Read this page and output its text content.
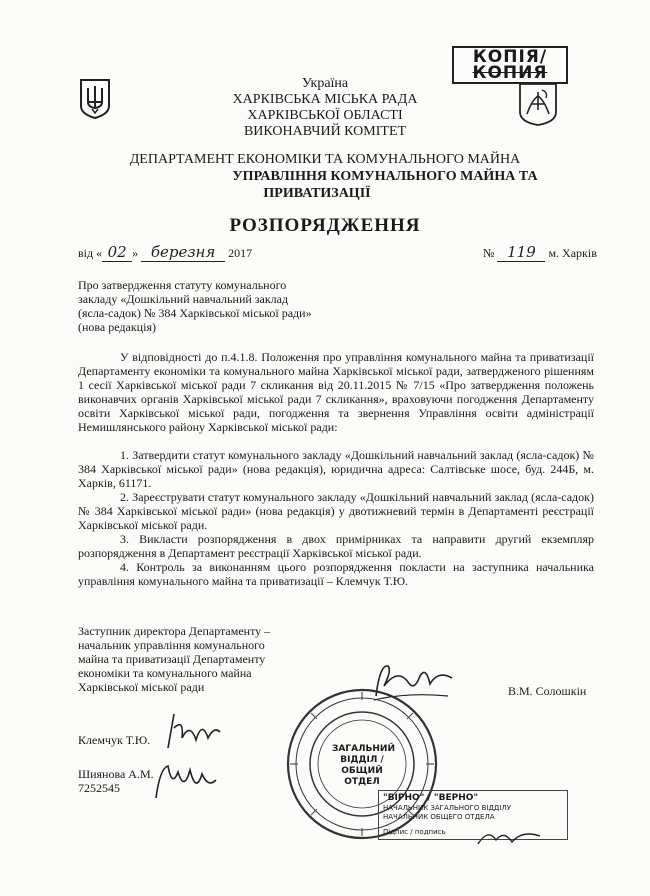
КОПІЯ/
КОПИЯ
Україна
ХАРКІВСЬКА МІСЬКА РАДА
ХАРКІВСЬКОЇ ОБЛАСТІ
ВИКОНАВЧИЙ КОМІТЕТ
ДЕПАРТАМЕНТ ЕКОНОМІКИ ТА КОМУНАЛЬНОГО МАЙНА
УПРАВЛІННЯ КОМУНАЛЬНОГО МАЙНА ТА
ПРИВАТИЗАЦІЇ
РОЗПОРЯДЖЕННЯ
від « 02 » березня 2017	№ 119 м. Харків
Про затвердження статуту комунального
закладу «Дошкільний навчальний заклад
(ясла-садок) № 384 Харківської міської ради»
(нова редакція)
У відповідності до п.4.1.8. Положення про управління комунального майна та приватизації Департаменту економіки та комунального майна Харківської міської ради, затвердженого рішенням 1 сесії Харківської міської ради 7 скликання від 20.11.2015 № 7/15 «Про затвердження положень виконавчих органів Харківської міської ради 7 скликання», враховуючи погодження Департаменту освіти Харківської міської ради, погодження та звернення Управління освіти адміністрації Немишлянського району Харківської міської ради:
1. Затвердити статут комунального закладу «Дошкільний навчальний заклад (ясла-садок) № 384 Харківської міської ради» (нова редакція), юридична адреса: Салтівське шосе, буд. 244Б, м. Харків, 61171.
2. Зареєструвати статут комунального закладу «Дошкільний навчальний заклад (ясла-садок) № 384 Харківської міської ради» (нова редакція) у двотижневий термін в Департаменті реєстрації Харківської міської ради.
3. Викласти розпорядження в двох примірниках та направити другий екземпляр розпорядження в Департамент реєстрації Харківської міської ради.
4. Контроль за виконанням цього розпорядження покласти на заступника начальника управління комунального майна та приватизації – Клемчук Т.Ю.
Заступник директора Департаменту –
начальник управління комунального
майна та приватизації Департаменту
економіки та комунального майна
Харківської міської ради	В.М. Солошкін
Клемчук Т.Ю.
Шиянова А.М.
7252545
ЗАГАЛЬНИЙ
ВІДДІЛ /
ОБЩИЙ ОТДЕЛ
"ВІРНО" / "ВЕРНО"
НАЧАЛЬНИК ЗАГАЛЬНОГО ВІДДІЛУ
НАЧАЛЬНИК ОБЩЕГО ОТДЕЛА
Підпис / подпись
